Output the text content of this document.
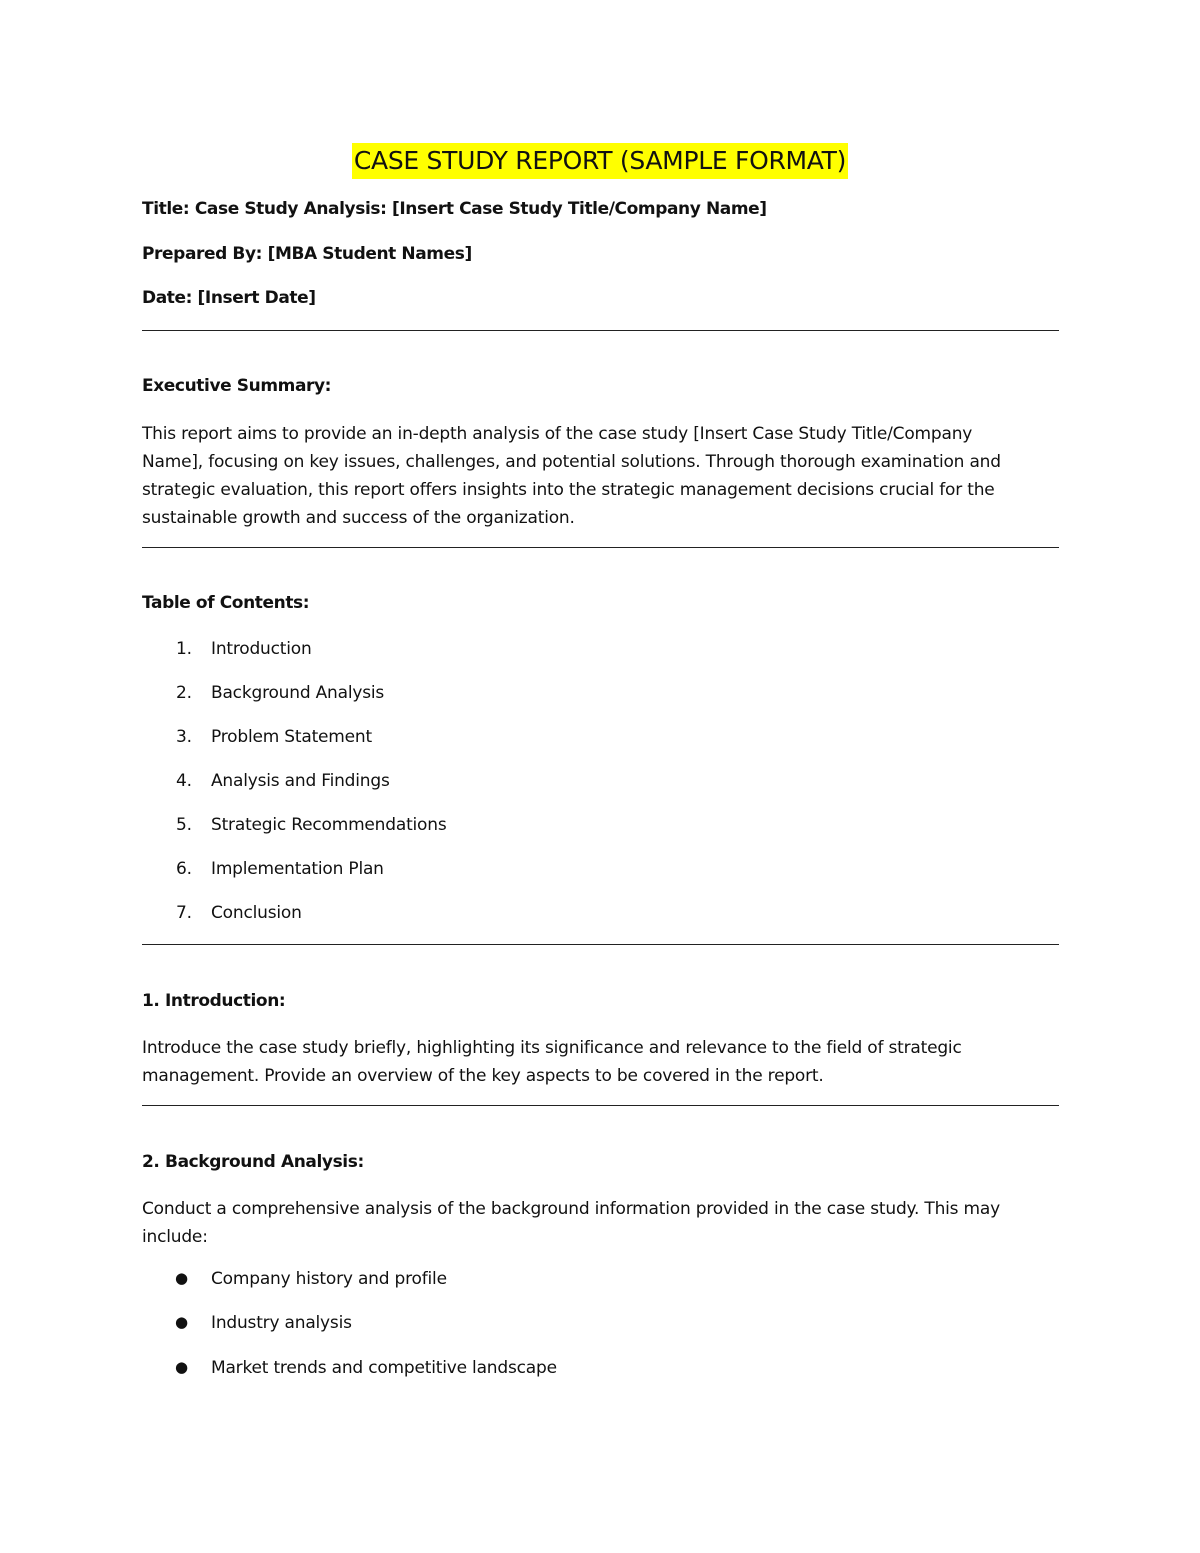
CASE STUDY REPORT (SAMPLE FORMAT)
Title: Case Study Analysis: [Insert Case Study Title/Company Name]
Prepared By: [MBA Student Names]
Date: [Insert Date]
Executive Summary:
This report aims to provide an in-depth analysis of the case study [Insert Case Study Title/Company
Name], focusing on key issues, challenges, and potential solutions. Through thorough examination and
strategic evaluation, this report offers insights into the strategic management decisions crucial for the
sustainable growth and success of the organization.
Table of Contents:
1. Introduction
2. Background Analysis
3. Problem Statement
4. Analysis and Findings
5. Strategic Recommendations
6. Implementation Plan
7. Conclusion
1. Introduction:
Introduce the case study briefly, highlighting its significance and relevance to the field of strategic
management. Provide an overview of the key aspects to be covered in the report.
2. Background Analysis:
Conduct a comprehensive analysis of the background information provided in the case study. This may
include:
● Company history and profile
● Industry analysis
● Market trends and competitive landscape
